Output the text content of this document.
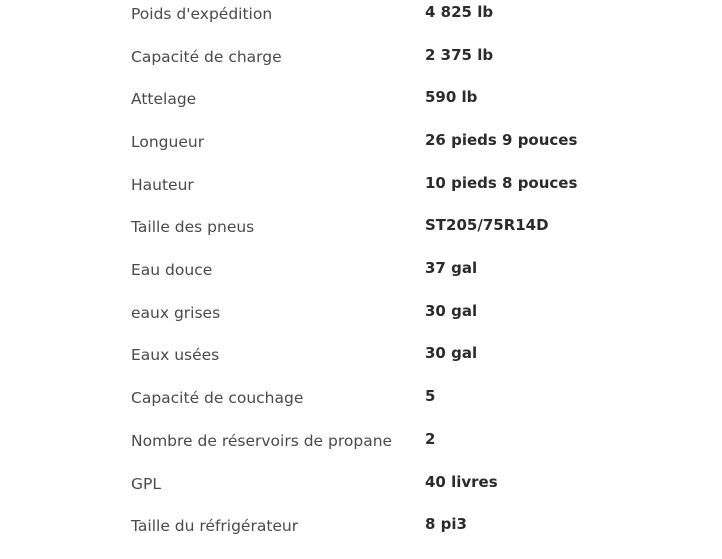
Poids d'expédition	4 825 lb
Capacité de charge	2 375 lb
Attelage	590 lb
Longueur	26 pieds 9 pouces
Hauteur	10 pieds 8 pouces
Taille des pneus	ST205/75R14D
Eau douce	37 gal
eaux grises	30 gal
Eaux usées	30 gal
Capacité de couchage	5
Nombre de réservoirs de propane 2
GPL	40 livres
Taille du réfrigérateur	8 pi3
